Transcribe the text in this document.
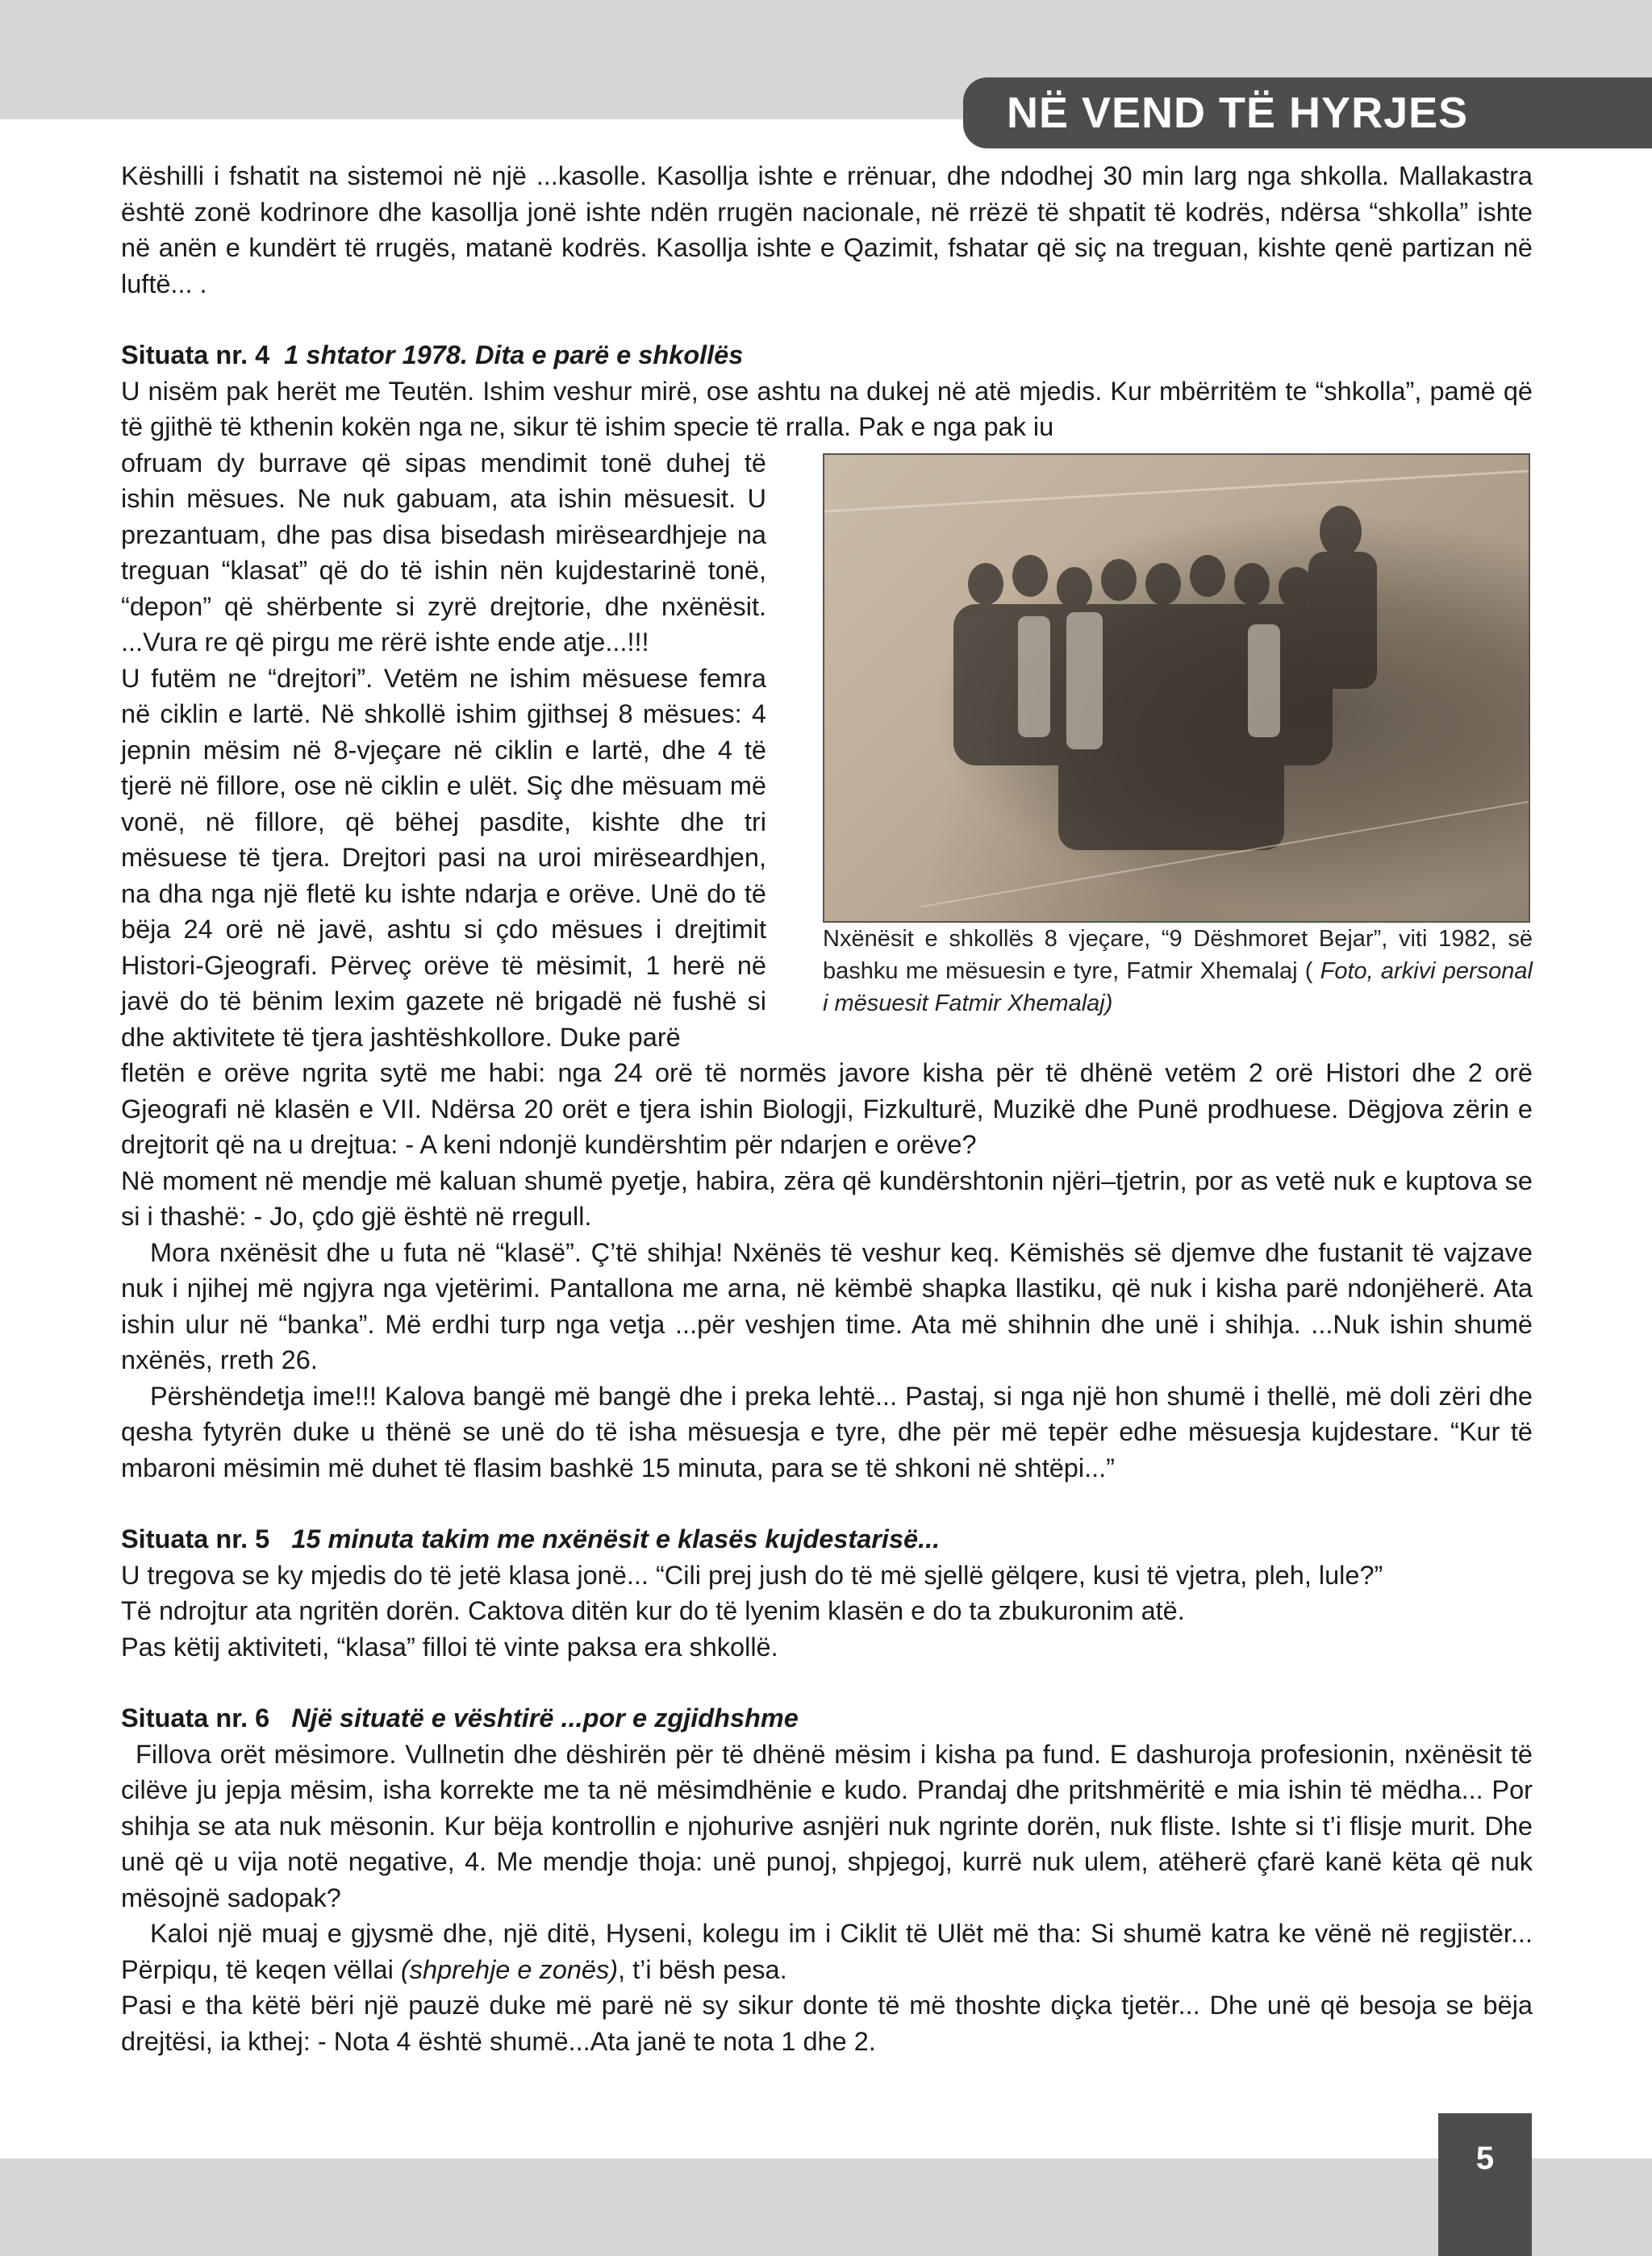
NË VEND TË HYRJES

Këshilli i fshatit na sistemoi në një ...kasolle. Kasollja ishte e rrënuar, dhe ndodhej 30 min larg nga shkolla. Mallakastra është zonë kodrinore dhe kasollja jonë ishte ndën rrugën nacionale, në rrëzë të shpatit të kodrës, ndërsa “shkolla” ishte në anën e kundërt të rrugës, matanë kodrës. Kasollja ishte e Qazimit, fshatar që siç na treguan, kishte qenë partizan në luftë... .

Situata nr. 4 1 shtator 1978. Dita e parë e shkollës

U nisëm pak herët me Teutën. Ishim veshur mirë, ose ashtu na dukej në atë mjedis. Kur mbërritëm te “shkolla”, pamë që të gjithë të kthenin kokën nga ne, sikur të ishim specie të rralla. Pak e nga pak iu

ofruam dy burrave që sipas mendimit tonë duhej të ishin mësues. Ne nuk gabuam, ata ishin mësuesit. U prezantuam, dhe pas disa bisedash mirëseardhjeje na treguan “klasat” që do të ishin nën kujdestarinë tonë, “depon” që shërbente si zyrë drejtorie, dhe nxënësit. ...Vura re që pirgu me rërë ishte ende atje...!!!

U futëm ne “drejtori”. Vetëm ne ishim mësuese femra në ciklin e lartë. Në shkollë ishim gjithsej 8 mësues: 4 jepnin mësim në 8-vjeçare në ciklin e lartë, dhe 4 të tjerë në fillore, ose në ciklin e ulët. Siç dhe mësuam më vonë, në fillore, që bëhej pasdite, kishte dhe tri mësuese të tjera. Drejtori pasi na uroi mirëseardhjen, na dha nga një fletë ku ishte ndarja e orëve. Unë do të bëja 24 orë në javë, ashtu si çdo mësues i drejtimit Histori-Gjeografi. Përveç orëve të mësimit, 1 herë në javë do të bënim lexim gazete në brigadë në fushë si dhe aktivitete të tjera jashtëshkollore. Duke parë

Nxënësit e shkollës 8 vjeçare, “9 Dëshmoret Bejar”, viti 1982, së bashku me mësuesin e tyre, Fatmir Xhemalaj ( Foto, arkivi personal i mësuesit Fatmir Xhemalaj)

fletën e orëve ngrita sytë me habi: nga 24 orë të normës javore kisha për të dhënë vetëm 2 orë Histori dhe 2 orë Gjeografi në klasën e VII. Ndërsa 20 orët e tjera ishin Biologji, Fizkulturë, Muzikë dhe Punë prodhuese. Dëgjova zërin e drejtorit që na u drejtua: - A keni ndonjë kundërshtim për ndarjen e orëve?

Në moment në mendje më kaluan shumë pyetje, habira, zëra që kundërshtonin njëri–tjetrin, por as vetë nuk e kuptova se si i thashë: - Jo, çdo gjë është në rregull.

Mora nxënësit dhe u futa në “klasë”. Ç’të shihja! Nxënës të veshur keq. Këmishës së djemve dhe fustanit të vajzave nuk i njihej më ngjyra nga vjetërimi. Pantallona me arna, në këmbë shapka llastiku, që nuk i kisha parë ndonjëherë. Ata ishin ulur në “banka”. Më erdhi turp nga vetja ...për veshjen time. Ata më shihnin dhe unë i shihja. ...Nuk ishin shumë nxënës, rreth 26.

Përshëndetja ime!!! Kalova bangë më bangë dhe i preka lehtë... Pastaj, si nga një hon shumë i thellë, më doli zëri dhe qesha fytyrën duke u thënë se unë do të isha mësuesja e tyre, dhe për më tepër edhe mësuesja kujdestare. “Kur të mbaroni mësimin më duhet të flasim bashkë 15 minuta, para se të shkoni në shtëpi...”

Situata nr. 5 15 minuta takim me nxënësit e klasës kujdestarisë...

U tregova se ky mjedis do të jetë klasa jonë... “Cili prej jush do të më sjellë gëlqere, kusi të vjetra, pleh, lule?”

Të ndrojtur ata ngritën dorën. Caktova ditën kur do të lyenim klasën e do ta zbukuronim atë.

Pas këtij aktiviteti, “klasa” filloi të vinte paksa era shkollë.

Situata nr. 6 Një situatë e vështirë ...por e zgjidhshme

Fillova orët mësimore. Vullnetin dhe dëshirën për të dhënë mësim i kisha pa fund. E dashuroja profesionin, nxënësit të cilëve ju jepja mësim, isha korrekte me ta në mësimdhënie e kudo. Prandaj dhe pritshmëritë e mia ishin të mëdha... Por shihja se ata nuk mësonin. Kur bëja kontrollin e njohurive asnjëri nuk ngrinte dorën, nuk fliste. Ishte si t’i flisje murit. Dhe unë që u vija notë negative, 4. Me mendje thoja: unë punoj, shpjegoj, kurrë nuk ulem, atëherë çfarë kanë këta që nuk mësojnë sadopak?

Kaloi një muaj e gjysmë dhe, një ditë, Hyseni, kolegu im i Ciklit të Ulët më tha: Si shumë katra ke vënë në regjistër... Përpiqu, të keqen vëllai (shprehje e zonës), t’i bësh pesa.

Pasi e tha këtë bëri një pauzë duke më parë në sy sikur donte të më thoshte diçka tjetër... Dhe unë që besoja se bëja drejtësi, ia kthej: - Nota 4 është shumë...Ata janë te nota 1 dhe 2.

5
